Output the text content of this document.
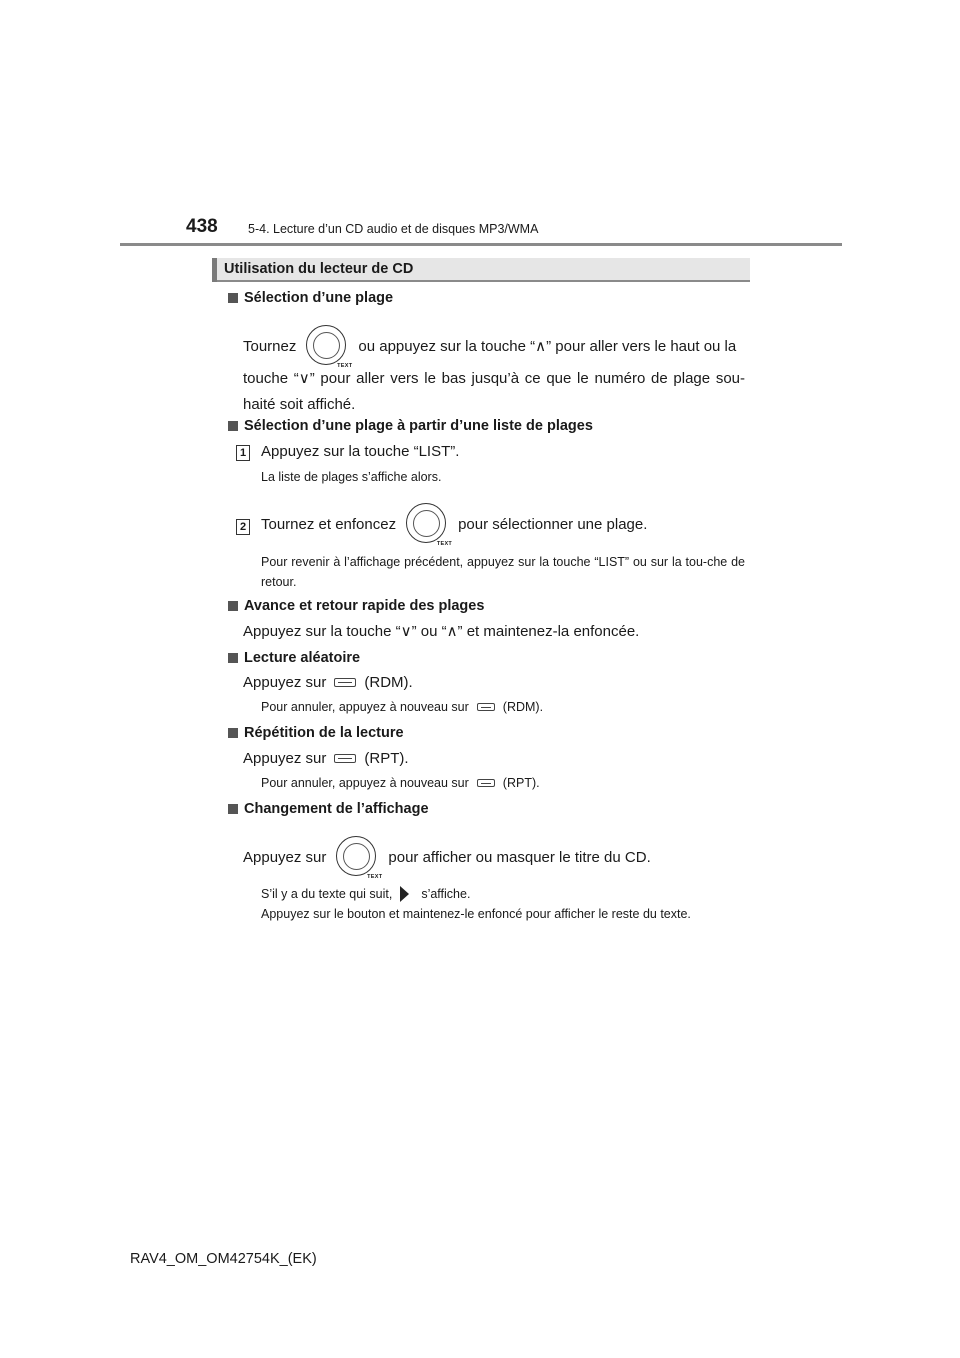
438 5-4. Lecture d’un CD audio et de disques MP3/WMA
Utilisation du lecteur de CD
Sélection d’une plage
Tournez
TEXT
ou appuyez sur la touche “∧” pour aller vers le haut ou la
touche “∨” pour aller vers le bas jusqu’à ce que le numéro de plage sou-haité soit affiché.
Sélection d’une plage à partir d’une liste de plages
1 Appuyez sur la touche “LIST”.
La liste de plages s’affiche alors.
2 Tournez et enfoncez
TEXT
pour sélectionner une plage.
Pour revenir à l’affichage précédent, appuyez sur la touche “LIST” ou sur la tou-che de retour.
Avance et retour rapide des plages
Appuyez sur la touche “∨” ou “∧” et maintenez-la enfoncée.
Lecture aléatoire
Appuyez sur	(RDM).
Pour annuler, appuyez à nouveau sur	(RDM).
Répétition de la lecture
Appuyez sur	(RPT).
Pour annuler, appuyez à nouveau sur	(RPT).
Changement de l’affichage
Appuyez sur
TEXT
pour afficher ou masquer le titre du CD.
S’il y a du texte qui suit, s’affiche.
Appuyez sur le bouton et maintenez-le enfoncé pour afficher le reste du texte.
RAV4_OM_OM42754K_(EK)
